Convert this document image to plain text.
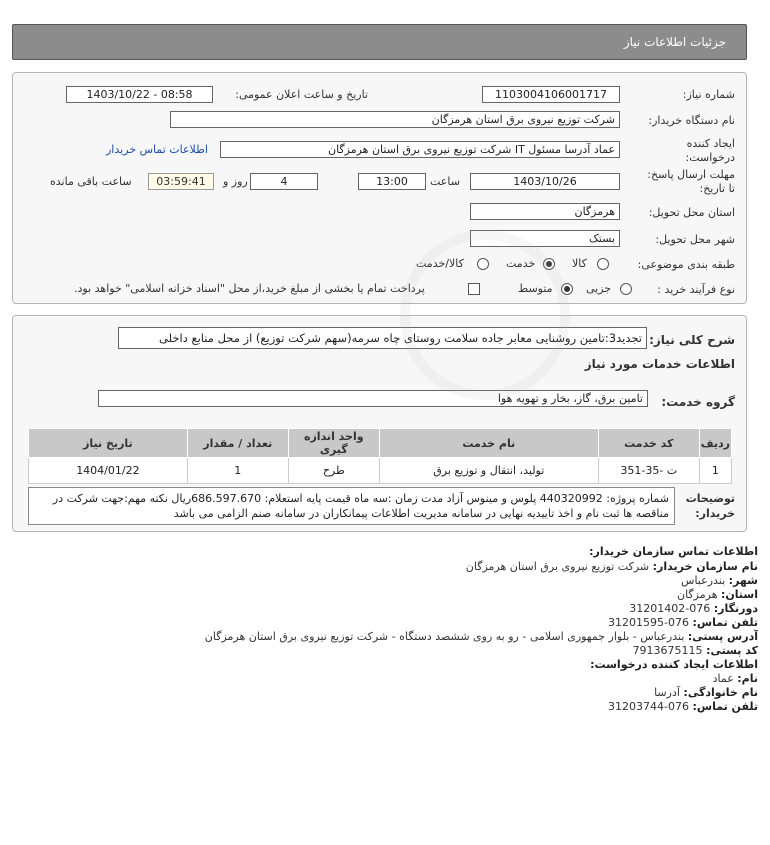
جزئیات اطلاعات نیاز
شماره نیاز:
1103004106001717
تاریخ و ساعت اعلان عمومی:
1403/10/22 - 08:58
نام دستگاه خریدار:
شرکت توزیع نیروی برق استان هرمزگان
ایجاد کننده
درخواست:
عماد آدرسا مسئول IT شرکت توزیع نیروی برق استان هرمزگان
اطلاعات تماس خریدار
مهلت ارسال پاسخ:
تا تاریخ:
1403/10/26
ساعت
13:00
4
روز و
03:59:41
ساعت باقی مانده
استان محل تحویل:
هرمزگان
شهر محل تحویل:
بستک
طبقه بندی موضوعی:
کالا
خدمت
کالا/خدمت
نوع فرآیند خرید :
جزیی
متوسط
پرداخت تمام یا بخشی از مبلغ خرید،از محل "اسناد خزانه اسلامی" خواهد بود.
شرح کلی نیاز:
تجدید3:تامین روشنایی معابر جاده سلامت روستای چاه سرمه(سهم شرکت توزیع) از محل منابع داخلی
اطلاعات خدمات مورد نیاز
گروه خدمت:
تامین برق، گاز، بخار و تهویه هوا
ردیف	کد خدمت	نام خدمت	واحد اندازه گیری	تعداد / مقدار	تاریخ نیاز
1	ت -35-351	تولید، انتقال و توزیع برق	طرح	1	1404/01/22
توضیحات
خریدار:
شماره پروژه: 440320992 پلوس و مینوس آزاد مدت زمان :سه ماه قیمت پایه استعلام: 686.597.670ریال نکته مهم:جهت شرکت در مناقصه ها ثبت نام و اخذ تاییدیه نهایی در سامانه مدیریت اطلاعات پیمانکاران در سامانه صنم الزامی می باشد
اطلاعات تماس سازمان خریدار:
نام سازمان خریدار: شرکت توزیع نیروی برق استان هرمزگان
شهر: بندرعباس
استان: هرمزگان
دورنگار: 076-31201402
تلفن تماس: 076-31201595
آدرس پستی: بندرعباس - بلوار جمهوری اسلامی - رو به روی ششصد دستگاه - شرکت توزیع نیروی برق استان هرمزگان
کد پستی: 7913675115
اطلاعات ایجاد کننده درخواست:
نام: عماد
نام خانوادگی: آدرسا
تلفن تماس: 076-31203744
